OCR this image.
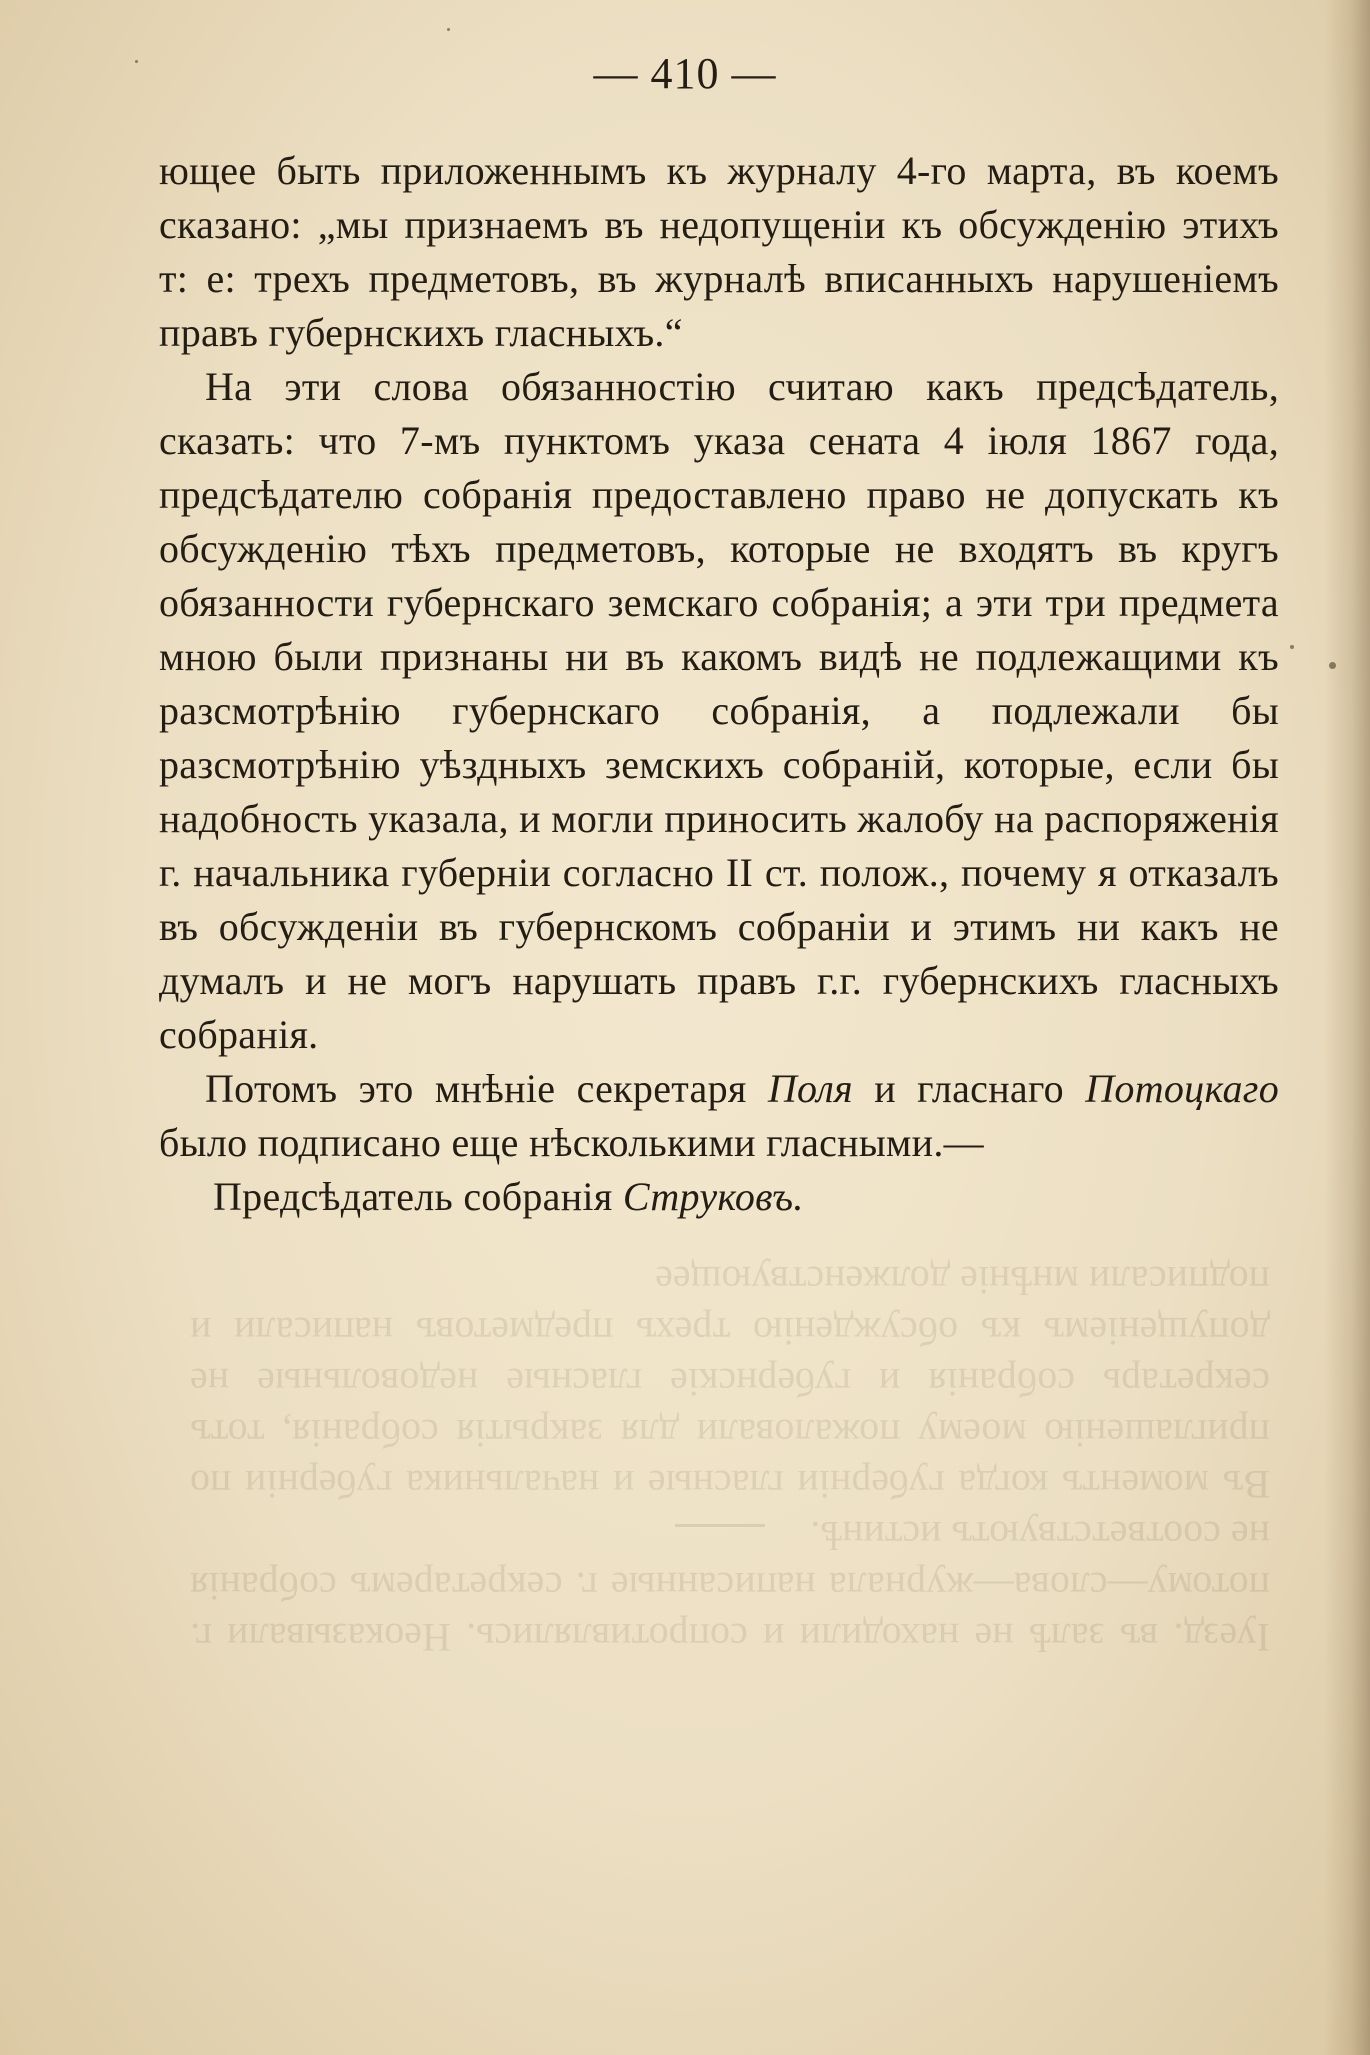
— 410 —

ющее быть приложеннымъ къ журналу 4-го марта, въ коемъ сказано: „мы признаемъ въ недопущенiи къ обсужденiю этихъ т: е: трехъ предметовъ, въ журналѣ вписанныхъ нарушенiемъ правъ губернскихъ гласныхъ.“

На эти слова обязанностiю считаю какъ предсѣдатель, сказать: что 7-мъ пунктомъ указа сената 4 iюля 1867 года, предсѣдателю собранiя предоставлено право не допускать къ обсужденiю тѣхъ предметовъ, которые не входятъ въ кругъ обязанности губернскаго земскаго собранiя; а эти три предмета мною были признаны ни въ какомъ видѣ не подлежащими къ разсмотрѣнiю губернскаго собранiя, а подлежали бы разсмотрѣнiю уѣздныхъ земскихъ собранiй, которые, если бы надобность указала, и могли приносить жалобу на распоряженiя г. начальника губернiи согласно II ст. полож., почему я отказалъ въ обсужденiи въ губернскомъ собранiи и этимъ ни какъ не думалъ и не могъ нарушать правъ г.г. губернскихъ гласныхъ собранiя.

Потомъ это мнѣнiе секретаря Поля и гласнаго Потоцкаго было подписано еще нѣсколькими гласными.—

Предсѣдатель собранiя Струковъ.

Iуезд. въ залѣ не находили и сопротивлялись. Неоказывали г. потому—слова—журнала написанные г. секретаремъ собранiя не соответствуютъ истинѣ.

Въ моментъ когда губернiи гласные и начальника губернiи по приглашенiю моему пожаловали для закрытiя собранiя, тотъ секретарь собранiя и губернскiе гласные недовольные не допущенiемъ къ обсужденiю трехъ предметовъ написали и подписали мнѣнiе долженствующее
